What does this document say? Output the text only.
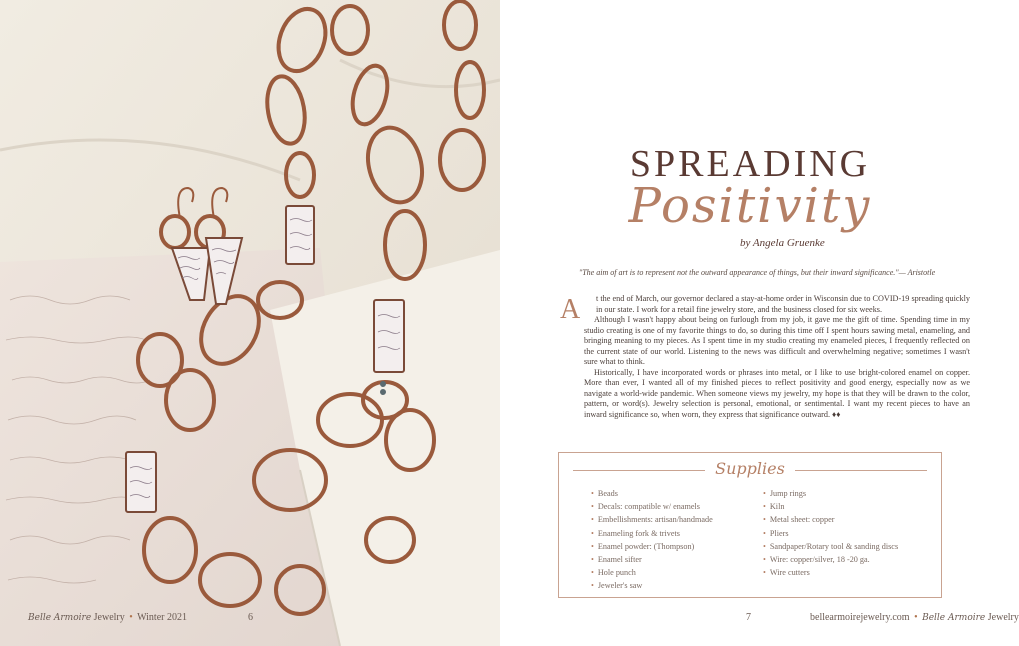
Belle Armoire Jewelry • Winter 2021	6
SPREADING
Positivity
by Angela Gruenke
"The aim of art is to represent not the outward appearance of things, but their inward significance."— Aristotle
A t the end of March, our governor declared a stay-at-home order in Wisconsin due to COVID-19 spreading quickly in our state. I work for a retail fine jewelry store, and the business closed for six weeks.

Although I wasn't happy about being on furlough from my job, it gave me the gift of time. Spending time in my studio creating is one of my favorite things to do, so during this time off I spent hours sawing metal, enameling, and bringing meaning to my pieces. As I spent time in my studio creating my enameled pieces, I frequently reflected on the current state of our world. Listening to the news was difficult and overwhelming negative; sometimes I wasn't sure what to think.

Historically, I have incorporated words or phrases into metal, or I like to use bright-colored enamel on copper. More than ever, I wanted all of my finished pieces to reflect positivity and good energy, especially now as we navigate a world-wide pandemic. When someone views my jewelry, my hope is that they will be drawn to the color, pattern, or word(s). Jewelry selection is personal, emotional, or sentimental. I want my recent pieces to have an inward significance so, when worn, they express that significance outward. ♦♦

Supplies
• Beads
• Decals: compatible w/ enamels
• Embellishments: artisan/handmade
• Enameling fork & trivets
• Enamel powder: (Thompson)
• Enamel sifter
• Hole punch
• Jeweler's saw
• Jump rings
• Kiln
• Metal sheet: copper
• Pliers
• Sandpaper/Rotary tool & sanding discs
• Wire: copper/silver, 18 -20 ga.
• Wire cutters
7	bellearmoirejewelry.com • Belle Armoire Jewelry
